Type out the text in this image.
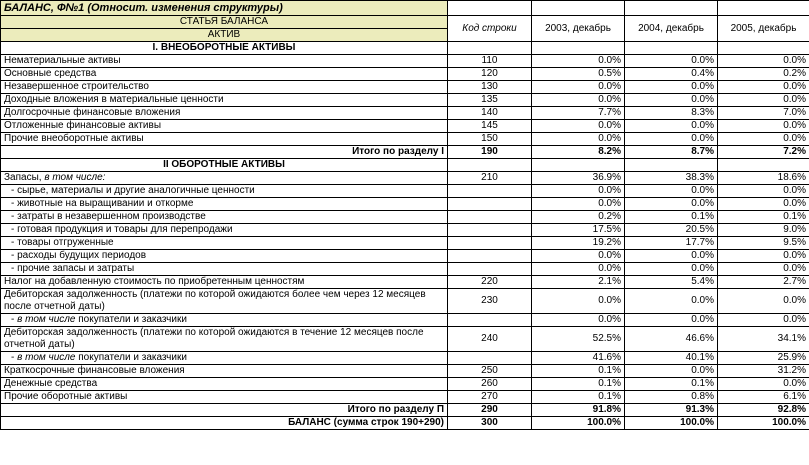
БАЛАНС, Ф№1 (Относит. изменения структуры)				
СТАТЬЯ БАЛАНСА	Код строки	2003, декабрь	2004, декабрь	2005, декабрь
АКТИВ				
I. ВНЕОБОРОТНЫЕ АКТИВЫ				
Нематериальные активы	110	0.0%	0.0%	0.0%
Основные средства	120	0.5%	0.4%	0.2%
Незавершенное строительство	130	0.0%	0.0%	0.0%
Доходные вложения в материальные ценности	135	0.0%	0.0%	0.0%
Долгосрочные финансовые вложения	140	7.7%	8.3%	7.0%
Отложенные финансовые активы	145	0.0%	0.0%	0.0%
Прочие внеоборотные активы	150	0.0%	0.0%	0.0%
Итого по разделу I	190	8.2%	8.7%	7.2%
II ОБОРОТНЫЕ АКТИВЫ				
Запасы, в том числе:	210	36.9%	38.3%	18.6%
- сырье, материалы и другие аналогичные ценности		0.0%	0.0%	0.0%
- животные на выращивании и откорме		0.0%	0.0%	0.0%
- затраты в незавершенном производстве		0.2%	0.1%	0.1%
- готовая продукция и товары для перепродажи		17.5%	20.5%	9.0%
- товары отгруженные		19.2%	17.7%	9.5%
- расходы будущих периодов		0.0%	0.0%	0.0%
- прочие запасы и затраты		0.0%	0.0%	0.0%
Налог на добавленную стоимость по приобретенным ценностям	220	2.1%	5.4%	2.7%
Дебиторская задолженность (платежи по которой ожидаются более чем через 12 месяцев после отчетной даты)	230	0.0%	0.0%	0.0%
- в том числе покупатели и заказчики		0.0%	0.0%	0.0%
Дебиторская задолженность (платежи по которой ожидаются в течение 12 месяцев после отчетной даты)	240	52.5%	46.6%	34.1%
- в том числе покупатели и заказчики		41.6%	40.1%	25.9%
Краткосрочные финансовые вложения	250	0.1%	0.0%	31.2%
Денежные средства	260	0.1%	0.1%	0.0%
Прочие оборотные активы	270	0.1%	0.8%	6.1%
Итого по разделу П	290	91.8%	91.3%	92.8%
БАЛАНС (сумма строк 190+290)	300	100.0%	100.0%	100.0%
